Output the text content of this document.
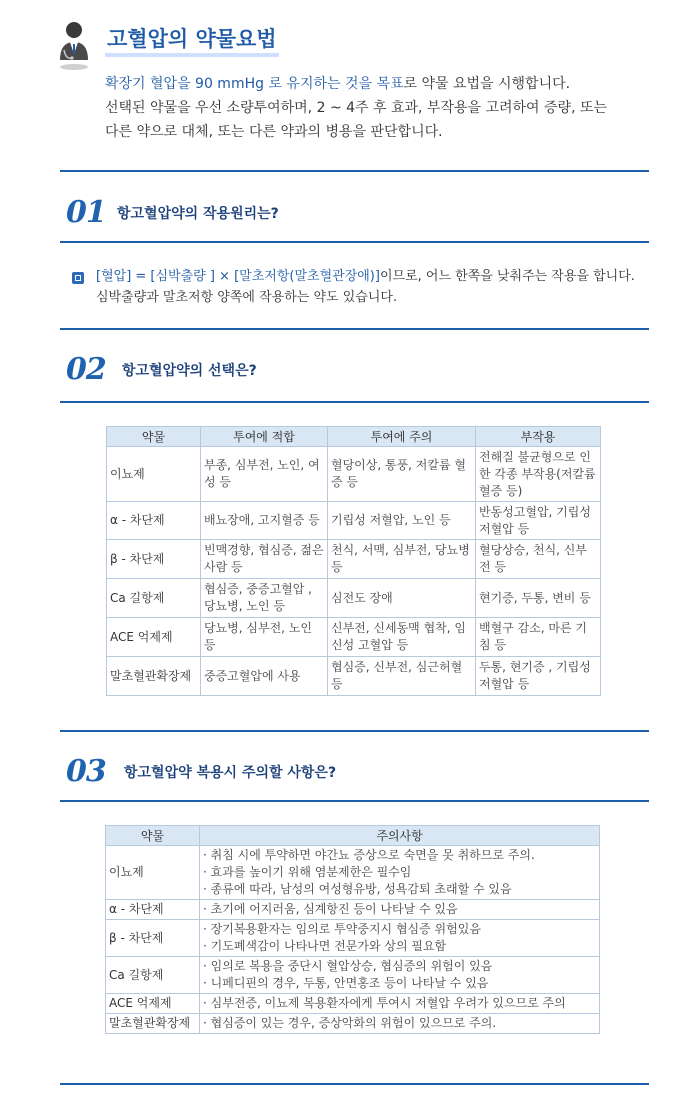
고혈압의 약물요법
확장기 혈압을 90 mmHg 로 유지하는 것을 목표로 약물 요법을 시행합니다.
선택된 약물을 우선 소량투여하며, 2 ~ 4주 후 효과, 부작용을 고려하여 증량, 또는
다른 약으로 대체, 또는 다른 약과의 병용을 판단합니다.
01 항고혈압약의 작용원리는?
[혈압] = [심박출량 ] × [말초저항(말초혈관장애)]이므로, 어느 한쪽을 낮춰주는 작용을 합니다. 심박출량과 말초저항 양쪽에 작용하는 약도 있습니다.
02 항고혈압약의 선택은?
약물	투여에 적합	투여에 주의	부작용
이뇨제	부종, 심부전, 노인, 여성 등	혈당이상, 통풍, 저칼륨 혈증 등	전해질 불균형으로 인한 각종 부작용(저칼륨 혈증 등)
α - 차단제	배뇨장애, 고지혈증 등	기립성 저혈압, 노인 등	반동성고혈압, 기립성 저혈압 등
β - 차단제	빈맥경향, 협심증, 젊은 사람 등	천식, 서맥, 심부전, 당뇨병 등	혈당상승, 천식, 신부전 등
Ca 길항제	협심증, 중증고혈압 , 당뇨병, 노인 등	심전도 장애	현기증, 두통, 변비 등
ACE 억제제	당뇨병, 심부전, 노인 등	신부전, 신세동맥 협착, 임신성 고혈압 등	백혈구 감소, 마른 기침 등
말초혈관확장제	중증고혈압에 사용	협심증, 신부전, 심근허혈 등	두통, 현기증 , 기립성 저혈압 등
03 항고혈압약 복용시 주의할 사항은?
약물	주의사항
이뇨제	· 취침 시에 투약하면 야간뇨 증상으로 숙면을 못 취하므로 주의.
· 효과를 높이기 위해 염분제한은 필수임
· 종류에 따라, 남성의 여성형유방, 성욕감퇴 초래할 수 있음

α - 차단제	· 초기에 어지러움, 심계항진 등이 나타날 수 있음

β - 차단제	· 장기복용환자는 임의로 투약중지시 협심증 위험있음
· 기도폐색감이 나타나면 전문가와 상의 필요함

Ca 길항제	· 임의로 복용을 중단시 혈압상승, 협심증의 위험이 있음
· 니페디핀의 경우, 두통, 안면홍조 등이 나타날 수 있음

ACE 억제제	· 심부전증, 이뇨제 복용환자에게 투여시 저혈압 우려가 있으므로 주의

말초혈관확장제	· 협심증이 있는 경우, 증상악화의 위험이 있으므로 주의.
